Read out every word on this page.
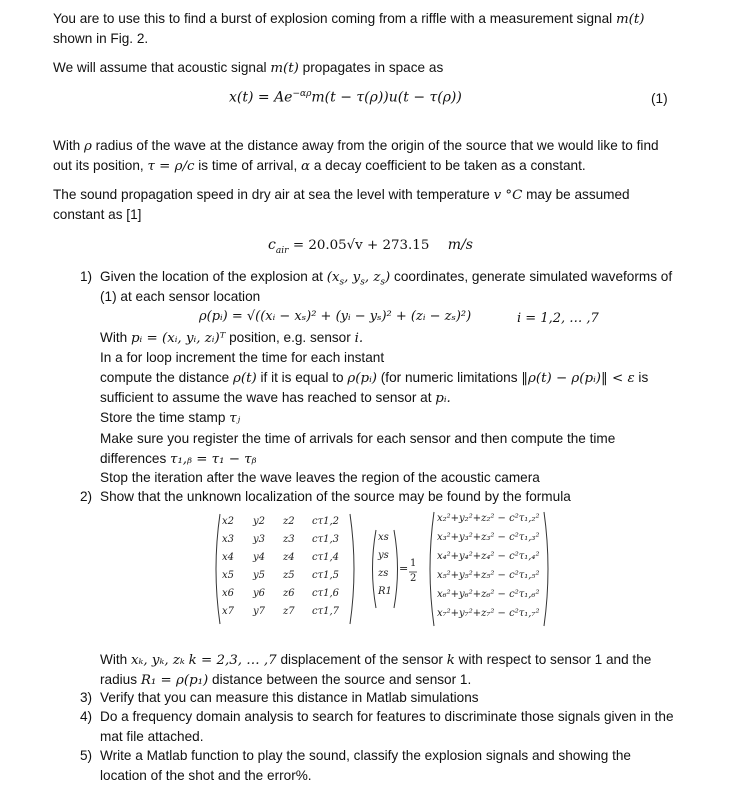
You are to use this to find a burst of explosion coming from a riffle with a measurement signal m(t)
shown in Fig. 2.
We will assume that acoustic signal m(t) propagates in space as
$x(t) = Ae^{-\alpha\rho}m(t - \tau(\rho))u(t - \tau(\rho))$	(1)
With ρ radius of the wave at the distance away from the origin of the source that we would like to find
out its position, τ = ρ/c is time of arrival, α a decay coefficient to be taken as a constant.
The sound propagation speed in dry air at sea the level with temperature v °C may be assumed
constant as [1]
$c_{air} = 20.05√v + 273.15$ m/s
1) Given the location of the explosion at ($x_s$, $y_s$, $z_s$) coordinates, generate simulated waveforms of
(1) at each sensor location
ρ(pᵢ) = √((xᵢ − xₛ)² + (yᵢ − yₛ)² + (zᵢ − zₛ)²)	i = 1,2, … ,7
With pᵢ = (xᵢ, yᵢ, zᵢ)ᵀ position, e.g. sensor i.
In a for loop increment the time for each instant
compute the distance ρ(t) if it is equal to ρ(pᵢ) (for numeric limitations ‖ρ(t) − ρ(pᵢ)‖ < ε is
sufficient to assume the wave has reached to sensor at pᵢ.
Store the time stamp τⱼ
Make sure you register the time of arrivals for each sensor and then compute the time
differences τ₁,ᵦ = τ₁ − τᵦ
Stop the iteration after the wave leaves the region of the acoustic camera
2) Show that the unknown localization of the source may be found by the formula
x2 y2 z2 cτ1,2
x3 y3 z3 cτ1,3
x4 y4 z4 cτ1,4
x5 y5 z5 cτ1,5
x6 y6 z6 cτ1,6
x7 y7 z7 cτ1,7
xs
ys
zs
R1
= 1
2
x₂²+y₂²+z₂² − c²τ₁,₂²
x₃²+y₃²+z₃² − c²τ₁,₃²
x₄²+y₄²+z₄² − c²τ₁,₄²
x₅²+y₅²+z₅² − c²τ₁,₅²
x₆²+y₆²+z₆² − c²τ₁,₆²
x₇²+y₇²+z₇² − c²τ₁,₇²
With xₖ, yₖ, zₖ k = 2,3, … ,7 displacement of the sensor k with respect to sensor 1 and the
radius R₁ = ρ(p₁) distance between the source and sensor 1.
3) Verify that you can measure this distance in Matlab simulations
4) Do a frequency domain analysis to search for features to discriminate those signals given in the
mat file attached.
5) Write a Matlab function to play the sound, classify the explosion signals and showing the
location of the shot and the error%.
